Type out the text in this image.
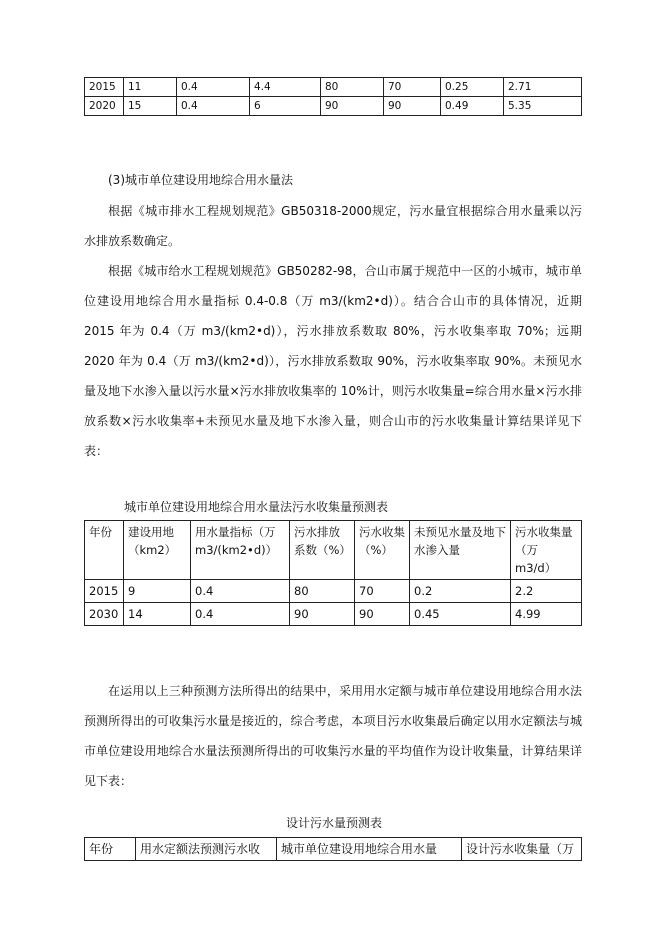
2015	11	0.4	4.4	80	70	0.25	2.71
2020	15	0.4	6	90	90	0.49	5.35

(3)城市单位建设用地综合用水量法

根据《城市排水工程规划规范》GB50318-2000规定，污水量宜根据综合用水量乘以污水排放系数确定。

根据《城市给水工程规划规范》GB50282-98，合山市属于规范中一区的小城市，城市单位建设用地综合用水量指标 0.4-0.8（万 m3/(km2•d)）。结合合山市的具体情况，近期 2015 年为 0.4（万 m3/(km2•d)），污水排放系数取 80%，污水收集率取 70%；远期 2020 年为 0.4（万 m3/(km2•d)），污水排放系数取 90%，污水收集率取 90%。未预见水量及地下水渗入量以污水量×污水排放收集率的 10%计，则污水收集量=综合用水量×污水排放系数×污水收集率+未预见水量及地下水渗入量，则合山市的污水收集量计算结果详见下表：

城市单位建设用地综合用水量法污水收集量预测表

年份	建设用地（km2）	用水量指标（万 m3/(km2•d)）	污水排放系数（%）	污水收集（%）	未预见水量及地下水渗入量	污水收集量（万 m3/d）
2015	9	0.4	80	70	0.2	2.2
2030	14	0.4	90	90	0.45	4.99

在运用以上三种预测方法所得出的结果中，采用用水定额与城市单位建设用地综合用水法预测所得出的可收集污水量是接近的，综合考虑，本项目污水收集最后确定以用水定额法与城市单位建设用地综合水量法预测所得出的可收集污水量的平均值作为设计收集量，计算结果详见下表：

设计污水量预测表

年份	用水定额法预测污水收	城市单位建设用地综合用水量	设计污水收集量（万
